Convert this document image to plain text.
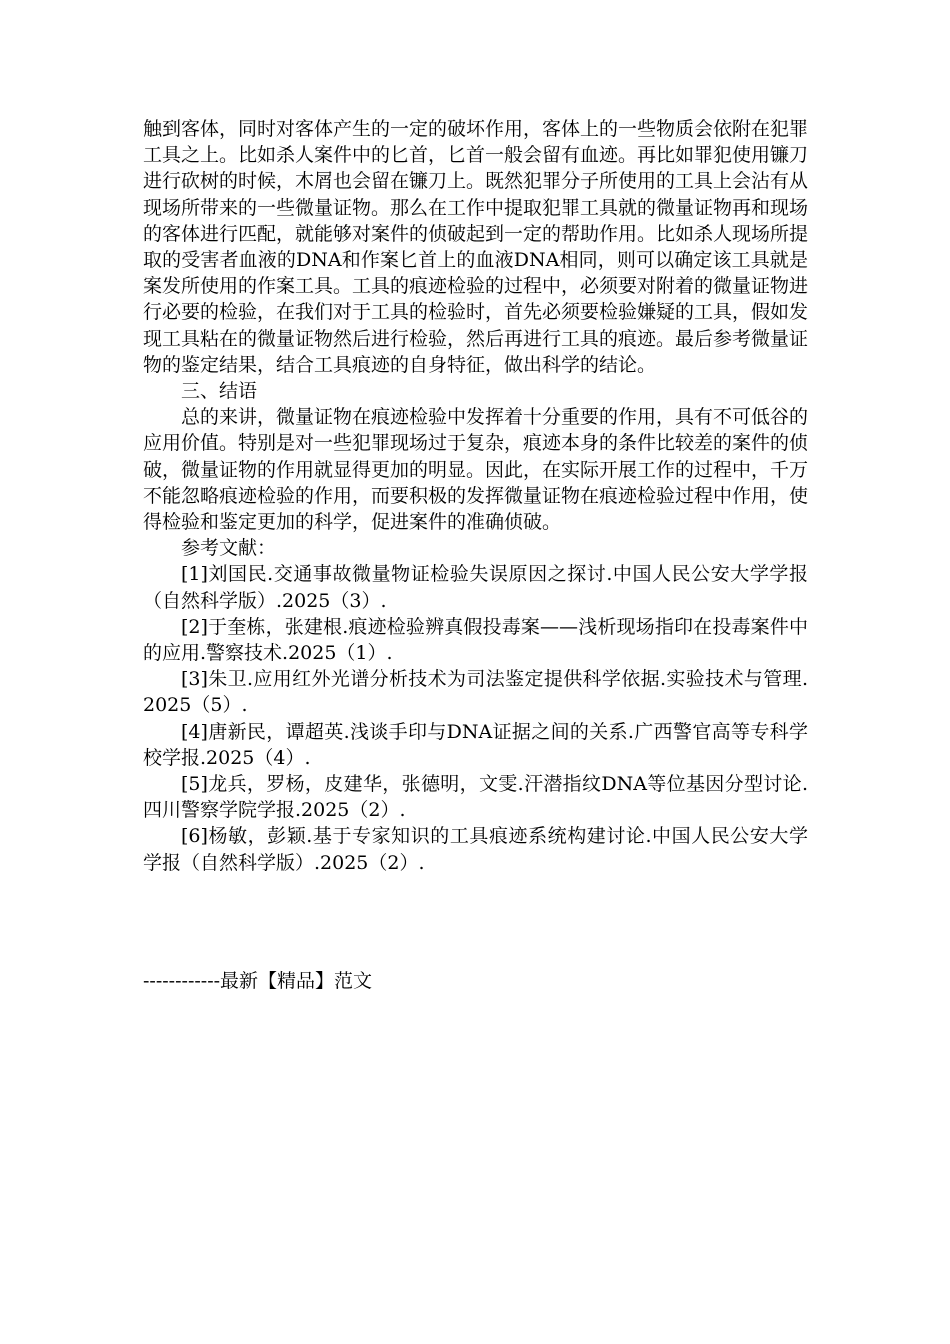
触到客体，同时对客体产生的一定的破坏作用，客体上的一些物质会依附在犯罪工具之上。比如杀人案件中的匕首，匕首一般会留有血迹。再比如罪犯使用镰刀进行砍树的时候，木屑也会留在镰刀上。既然犯罪分子所使用的工具上会沾有从现场所带来的一些微量证物。那么在工作中提取犯罪工具就的微量证物再和现场的客体进行匹配，就能够对案件的侦破起到一定的帮助作用。比如杀人现场所提取的受害者血液的DNA和作案匕首上的血液DNA相同，则可以确定该工具就是案发所使用的作案工具。工具的痕迹检验的过程中，必须要对附着的微量证物进行必要的检验，在我们对于工具的检验时，首先必须要检验嫌疑的工具，假如发现工具粘在的微量证物然后进行检验，然后再进行工具的痕迹。最后参考微量证物的鉴定结果，结合工具痕迹的自身特征，做出科学的结论。

三、结语

总的来讲，微量证物在痕迹检验中发挥着十分重要的作用，具有不可低谷的应用价值。特别是对一些犯罪现场过于复杂，痕迹本身的条件比较差的案件的侦破，微量证物的作用就显得更加的明显。因此，在实际开展工作的过程中，千万不能忽略痕迹检验的作用，而要积极的发挥微量证物在痕迹检验过程中作用，使得检验和鉴定更加的科学，促进案件的准确侦破。

参考文献：

[1]刘国民.交通事故微量物证检验失误原因之探讨.中国人民公安大学学报（自然科学版）.2025（3）.

[2]于奎栋，张建根.痕迹检验辨真假投毒案——浅析现场指印在投毒案件中的应用.警察技术.2025（1）.

[3]朱卫.应用红外光谱分析技术为司法鉴定提供科学依据.实验技术与管理.2025（5）.

[4]唐新民，谭超英.浅谈手印与DNA证据之间的关系.广西警官高等专科学校学报.2025（4）.

[5]龙兵，罗杨，皮建华，张德明，文雯.汗潜指纹DNA等位基因分型讨论.四川警察学院学报.2025（2）.

[6]杨敏，彭颖.基于专家知识的工具痕迹系统构建讨论.中国人民公安大学学报（自然科学版）.2025（2）.

------------最新【精品】范文
